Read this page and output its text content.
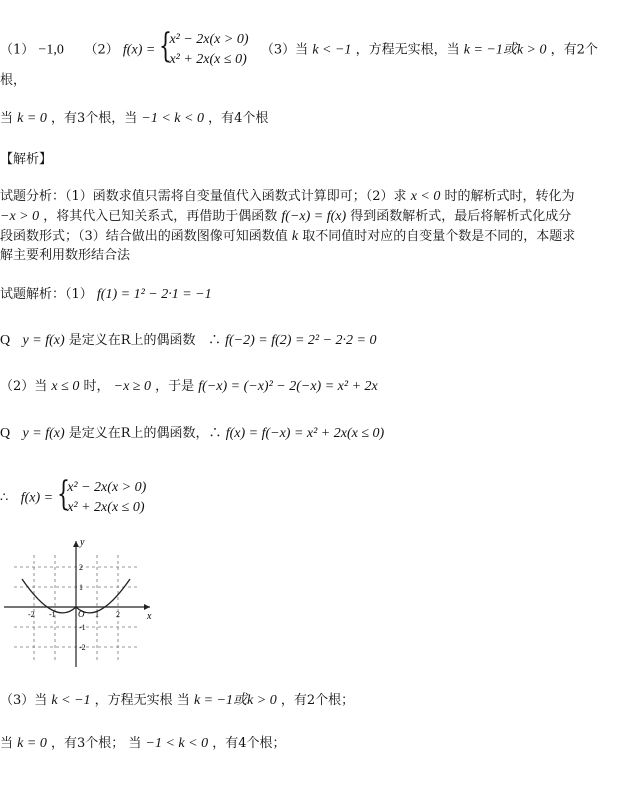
（1） −1,0 （2） f(x) = {
x² − 2x(x > 0)
x² + 2x(x ≤ 0)
（3）当 k < −1 ，方程无实根，当 k = −1或k > 0 ，有2个
根，
当 k = 0 ，有3个根，当 −1 < k < 0 ，有4个根
【解析】
试题分析：（1）函数求值只需将自变量值代入函数式计算即可；（2）求 x < 0 时的解析式时，转化为
−x > 0 ，将其代入已知关系式，再借助于偶函数 f(−x) = f(x) 得到函数解析式，最后将解析式化成分
段函数形式；（3）结合做出的函数图像可知函数值 k 取不同值时对应的自变量个数是不同的，本题求
解主要利用数形结合法
试题解析：（1） f(1) = 1² − 2·1 = −1
Q y = f(x) 是定义在R上的偶函数 ∴ f(−2) = f(2) = 2² − 2·2 = 0
（2）当 x ≤ 0 时， −x ≥ 0 ，于是 f(−x) = (−x)² − 2(−x) = x² + 2x
Q y = f(x) 是定义在R上的偶函数，∴ f(x) = f(−x) = x² + 2x(x ≤ 0)
∴ f(x) = {
x² − 2x(x > 0)
x² + 2x(x ≤ 0)
y
x
O
-2 -1	1 2
2
1
-1
-2
（3）当 k < −1 ，方程无实根 当 k = −1或k > 0 ，有2个根；
当 k = 0 ，有3个根； 当 −1 < k < 0 ，有4个根；
